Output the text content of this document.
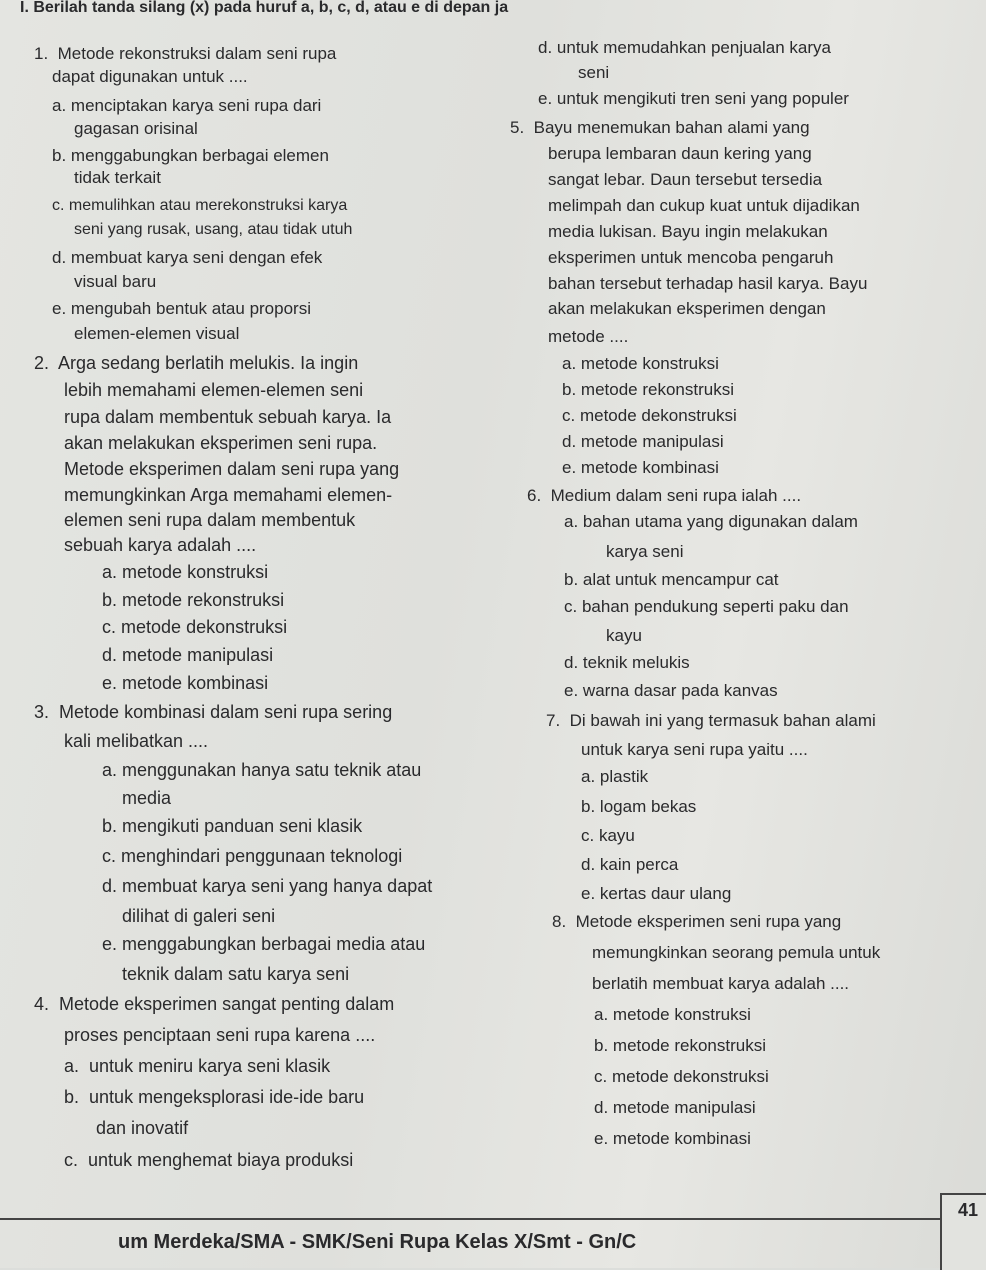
I. Berilah tanda silang (x) pada huruf a, b, c, d, atau e di depan ja
1. Metode rekonstruksi dalam seni rupa
dapat digunakan untuk ....
a. menciptakan karya seni rupa dari
gagasan orisinal
b. menggabungkan berbagai elemen
tidak terkait
c. memulihkan atau merekonstruksi karya
seni yang rusak, usang, atau tidak utuh
d. membuat karya seni dengan efek
visual baru
e. mengubah bentuk atau proporsi
elemen-elemen visual
2. Arga sedang berlatih melukis. Ia ingin
lebih memahami elemen-elemen seni
rupa dalam membentuk sebuah karya. Ia
akan melakukan eksperimen seni rupa.
Metode eksperimen dalam seni rupa yang
memungkinkan Arga memahami elemen-
elemen seni rupa dalam membentuk
sebuah karya adalah ....
a. metode konstruksi
b. metode rekonstruksi
c. metode dekonstruksi
d. metode manipulasi
e. metode kombinasi
3. Metode kombinasi dalam seni rupa sering
kali melibatkan ....
a. menggunakan hanya satu teknik atau
media
b. mengikuti panduan seni klasik
c. menghindari penggunaan teknologi
d. membuat karya seni yang hanya dapat
dilihat di galeri seni
e. menggabungkan berbagai media atau
teknik dalam satu karya seni
4. Metode eksperimen sangat penting dalam
proses penciptaan seni rupa karena ....
a. untuk meniru karya seni klasik
b. untuk mengeksplorasi ide-ide baru
dan inovatif
c. untuk menghemat biaya produksi
d. untuk memudahkan penjualan karya
seni
e. untuk mengikuti tren seni yang populer
5. Bayu menemukan bahan alami yang
berupa lembaran daun kering yang
sangat lebar. Daun tersebut tersedia
melimpah dan cukup kuat untuk dijadikan
media lukisan. Bayu ingin melakukan
eksperimen untuk mencoba pengaruh
bahan tersebut terhadap hasil karya. Bayu
akan melakukan eksperimen dengan
metode ....
a. metode konstruksi
b. metode rekonstruksi
c. metode dekonstruksi
d. metode manipulasi
e. metode kombinasi
6. Medium dalam seni rupa ialah ....
a. bahan utama yang digunakan dalam
karya seni
b. alat untuk mencampur cat
c. bahan pendukung seperti paku dan
kayu
d. teknik melukis
e. warna dasar pada kanvas
7. Di bawah ini yang termasuk bahan alami
untuk karya seni rupa yaitu ....
a. plastik
b. logam bekas
c. kayu
d. kain perca
e. kertas daur ulang
8. Metode eksperimen seni rupa yang
memungkinkan seorang pemula untuk
berlatih membuat karya adalah ....
a. metode konstruksi
b. metode rekonstruksi
c. metode dekonstruksi
d. metode manipulasi
e. metode kombinasi
41
um Merdeka/SMA - SMK/Seni Rupa Kelas X/Smt - Gn/C
